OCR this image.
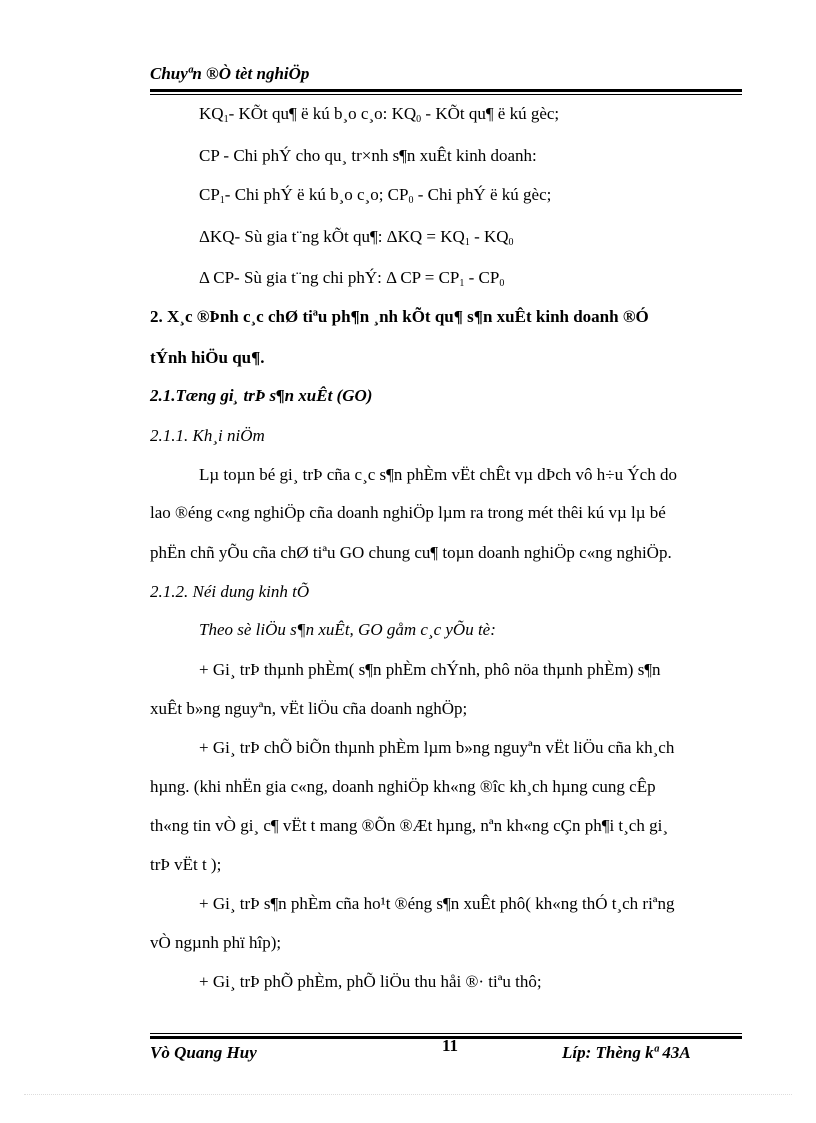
Chuyªn ®Ò tèt nghiÖp
$KQ_1-$ KÕt qu¶ ë kú b¸o c¸o: $KQ_0$ - KÕt qu¶ ë kú gèc;
CP - Chi phÝ cho qu¸ tr×nh s¶n xuÊt kinh doanh:
$CP_1-$ Chi phÝ ë kú b¸o c¸o; $CP_0$ - Chi phÝ ë kú gèc;
ΔKQ- Sù gia t¨ng kÕt qu¶: $\Delta KQ = KQ_1 - KQ_0$
Δ CP- Sù gia t¨ng chi phÝ: Δ CP = $CP_1 - CP_0$
2. X¸c ®Þnh c¸c chØ tiªu ph¶n ¸nh kÕt qu¶ s¶n xuÊt kinh doanh ®Ó
tÝnh hiÖu qu¶.
2.1.Tæng gi¸ trÞ s¶n xuÊt (GO)
2.1.1. Kh¸i niÖm
Lµ toµn bé gi¸ trÞ cña c¸c s¶n phÈm vËt chÊt vµ dÞch vô h÷u Ých do
lao ®éng c«ng nghiÖp cña doanh nghiÖp lµm ra trong mét thêi kú vµ lµ bé
phËn chñ yÕu cña chØ tiªu GO chung cu¶ toµn doanh nghiÖp c«ng nghiÖp.
2.1.2. Néi dung kinh tÕ
Theo sè liÖu s¶n xuÊt, GO gåm c¸c yÕu tè:
+ Gi¸ trÞ thµnh phÈm( s¶n phÈm chÝnh, phô nöa thµnh phÈm) s¶n
xuÊt b»ng nguyªn, vËt liÖu cña doanh nghÖp;
+ Gi¸ trÞ chÕ biÕn thµnh phÈm lµm b»ng nguyªn vËt liÖu cña kh¸ch
hµng. (khi nhËn gia c«ng, doanh nghiÖp kh«ng ®îc kh¸ch hµng cung cÊp
th«ng tin vÒ gi¸ c¶ vËt t mang ®Õn ®Æt hµng, nªn kh«ng cÇn ph¶i t¸ch gi¸
trÞ vËt t );
+ Gi¸ trÞ s¶n phÈm cña ho¹t ®éng s¶n xuÊt phô( kh«ng thÓ t¸ch riªng
vÒ ngµnh phï hîp);
+ Gi¸ trÞ phÕ phÈm, phÕ liÖu thu håi ®· tiªu thô;
Vò Quang Huy	11	Líp: Thèng kª 43A
